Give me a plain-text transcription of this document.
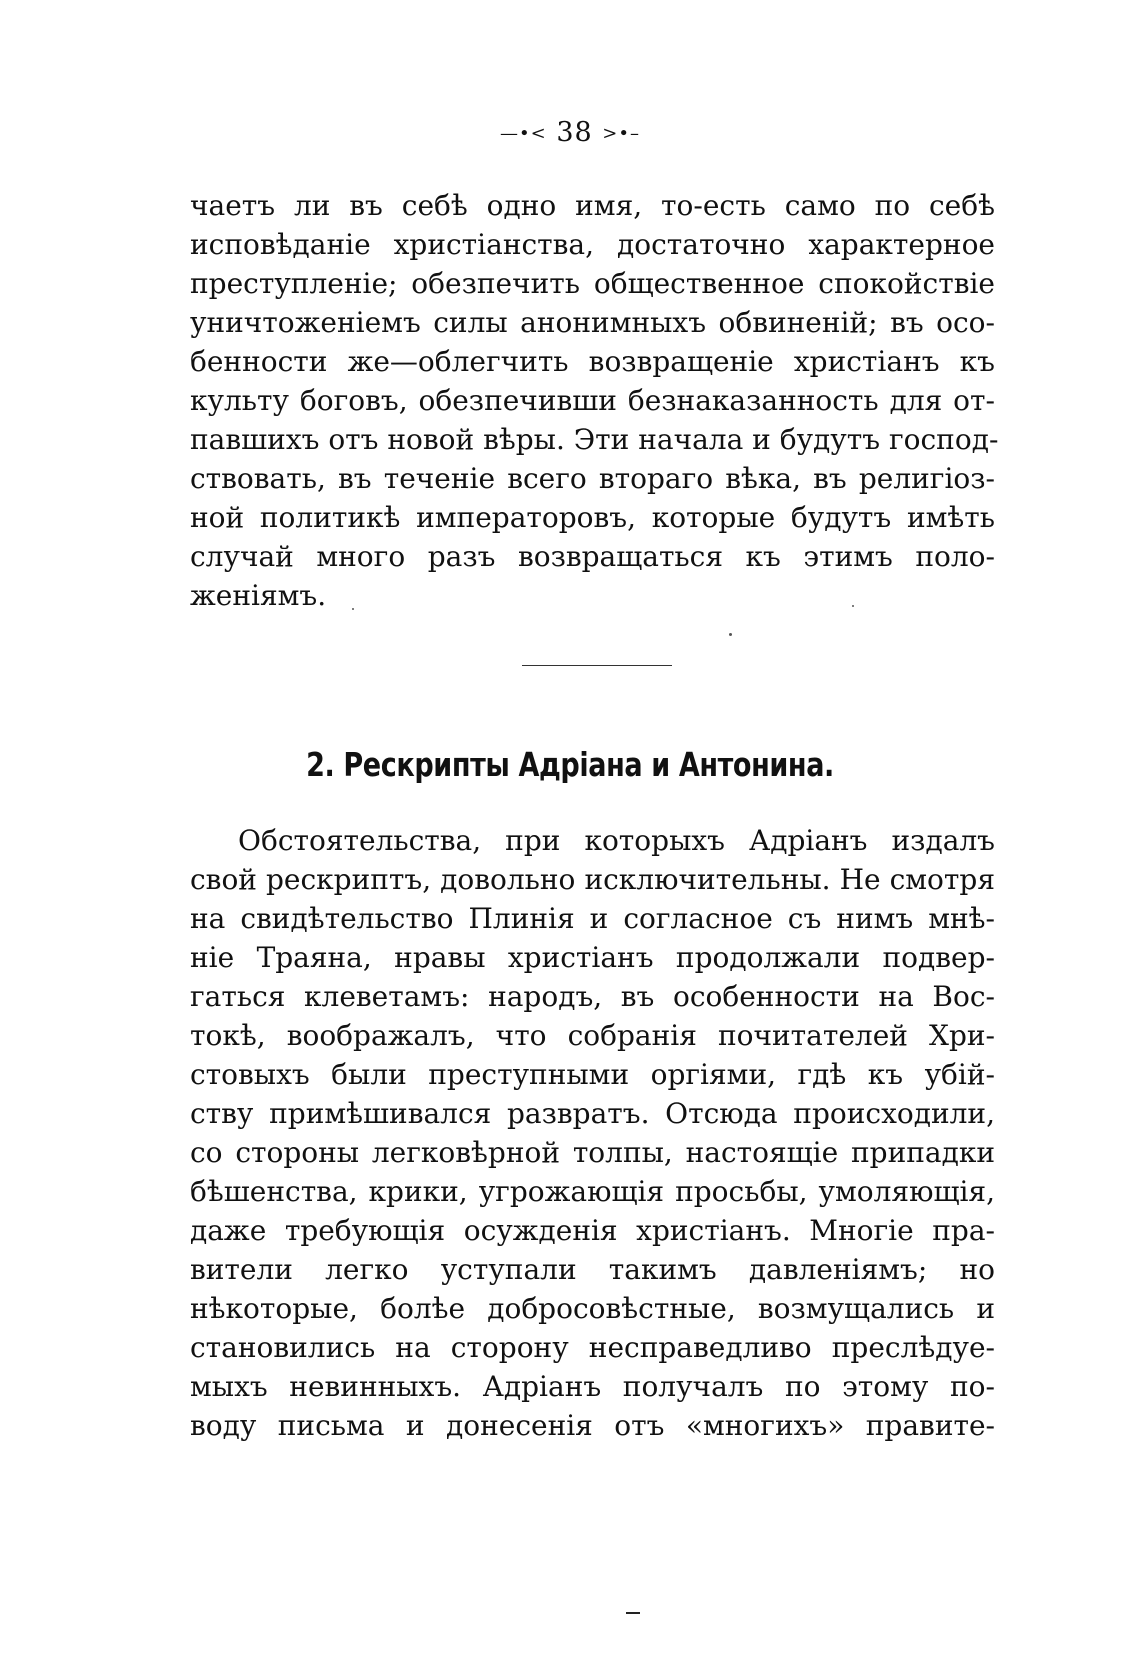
—•< 38 >•–
чаетъ ли въ себѣ одно имя, то-есть само по себѣ
исповѣданіе христіанства, достаточно характерное
преступленіе; обезпечить общественное спокойствіе
уничтоженіемъ силы анонимныхъ обвиненій; въ осо-
бенности же—облегчить возвращеніе христіанъ къ
культу боговъ, обезпечивши безнаказанность для от-
павшихъ отъ новой вѣры. Эти начала и будутъ господ-
ствовать, въ теченіе всего втораго вѣка, въ религіоз-
ной политикѣ императоровъ, которые будутъ имѣть
случай много разъ возвращаться къ этимъ поло-
женіямъ.
2. Рескрипты Адріана и Антонина.
Обстоятельства, при которыхъ Адріанъ издалъ
свой рескриптъ, довольно исключительны. Не смотря
на свидѣтельство Плинія и согласное съ нимъ мнѣ-
ніе Траяна, нравы христіанъ продолжали подвер-
гаться клеветамъ: народъ, въ особенности на Вос-
токѣ, воображалъ, что собранія почитателей Хри-
стовыхъ были преступными оргіями, гдѣ къ убій-
ству примѣшивался развратъ. Отсюда происходили,
со стороны легковѣрной толпы, настоящіе припадки
бѣшенства, крики, угрожающія просьбы, умоляющія,
даже требующія осужденія христіанъ. Многіе пра-
вители легко уступали такимъ давленіямъ; но
нѣкоторые, болѣе добросовѣстные, возмущались и
становились на сторону несправедливо преслѣдуе-
мыхъ невинныхъ. Адріанъ получалъ по этому по-
воду письма и донесенія отъ «многихъ» правите-
